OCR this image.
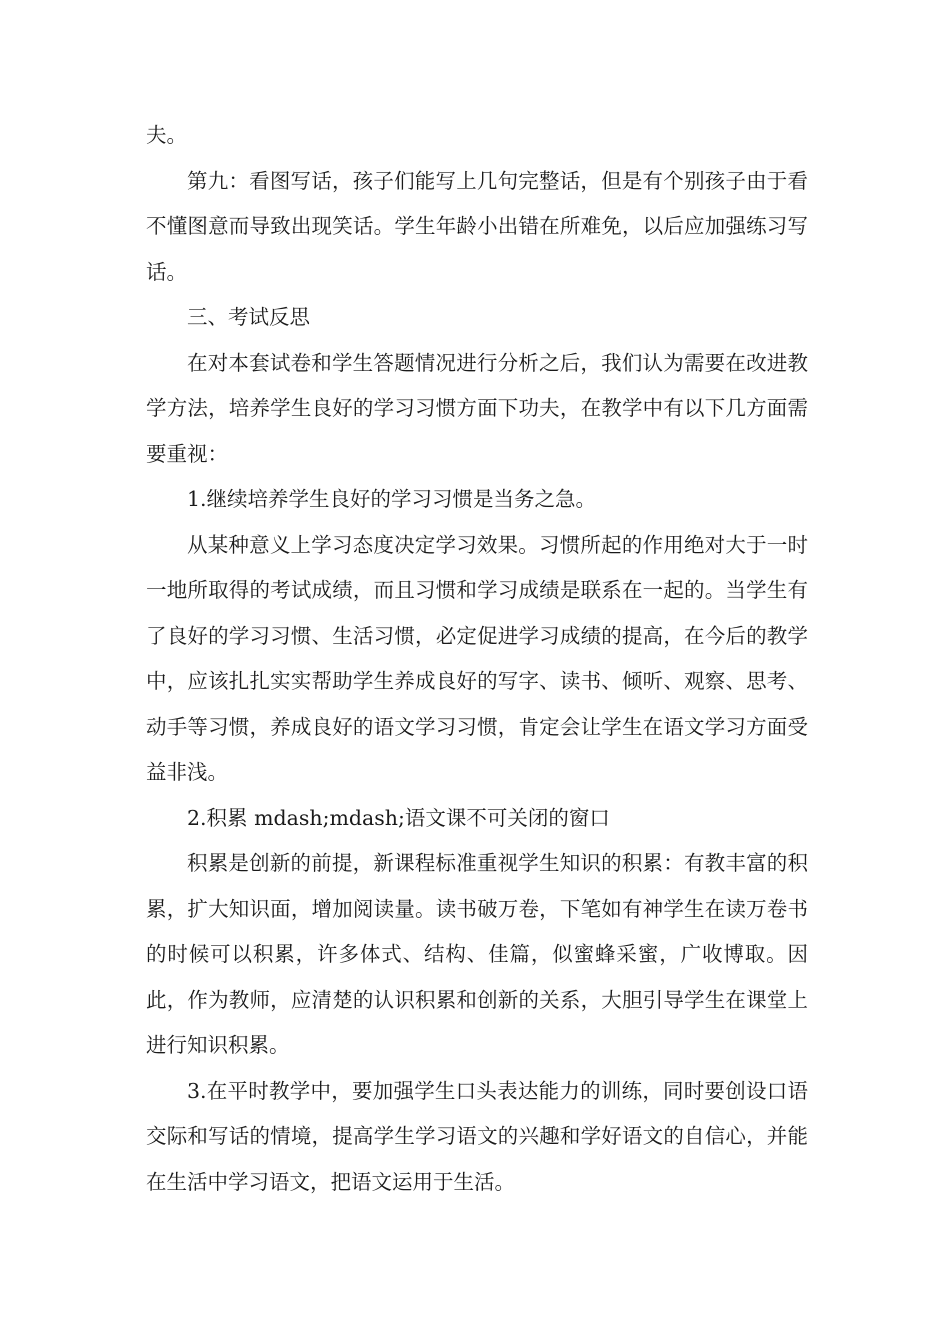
夫。

第九：看图写话，孩子们能写上几句完整话，但是有个别孩子由于看不懂图意而导致出现笑话。学生年龄小出错在所难免，以后应加强练习写话。

三、考试反思

在对本套试卷和学生答题情况进行分析之后，我们认为需要在改进教学方法，培养学生良好的学习习惯方面下功夫，在教学中有以下几方面需要重视：

1.继续培养学生良好的学习习惯是当务之急。

从某种意义上学习态度决定学习效果。习惯所起的作用绝对大于一时一地所取得的考试成绩，而且习惯和学习成绩是联系在一起的。当学生有了良好的学习习惯、生活习惯，必定促进学习成绩的提高，在今后的教学中，应该扎扎实实帮助学生养成良好的写字、读书、倾听、观察、思考、动手等习惯，养成良好的语文学习习惯，肯定会让学生在语文学习方面受益非浅。

2.积累 mdash;mdash;语文课不可关闭的窗口

积累是创新的前提，新课程标准重视学生知识的积累：有教丰富的积累，扩大知识面，增加阅读量。读书破万卷，下笔如有神学生在读万卷书的时候可以积累，许多体式、结构、佳篇，似蜜蜂采蜜，广收博取。因此，作为教师，应清楚的认识积累和创新的关系，大胆引导学生在课堂上进行知识积累。

3.在平时教学中，要加强学生口头表达能力的训练，同时要创设口语交际和写话的情境，提高学生学习语文的兴趣和学好语文的自信心，并能在生活中学习语文，把语文运用于生活。
